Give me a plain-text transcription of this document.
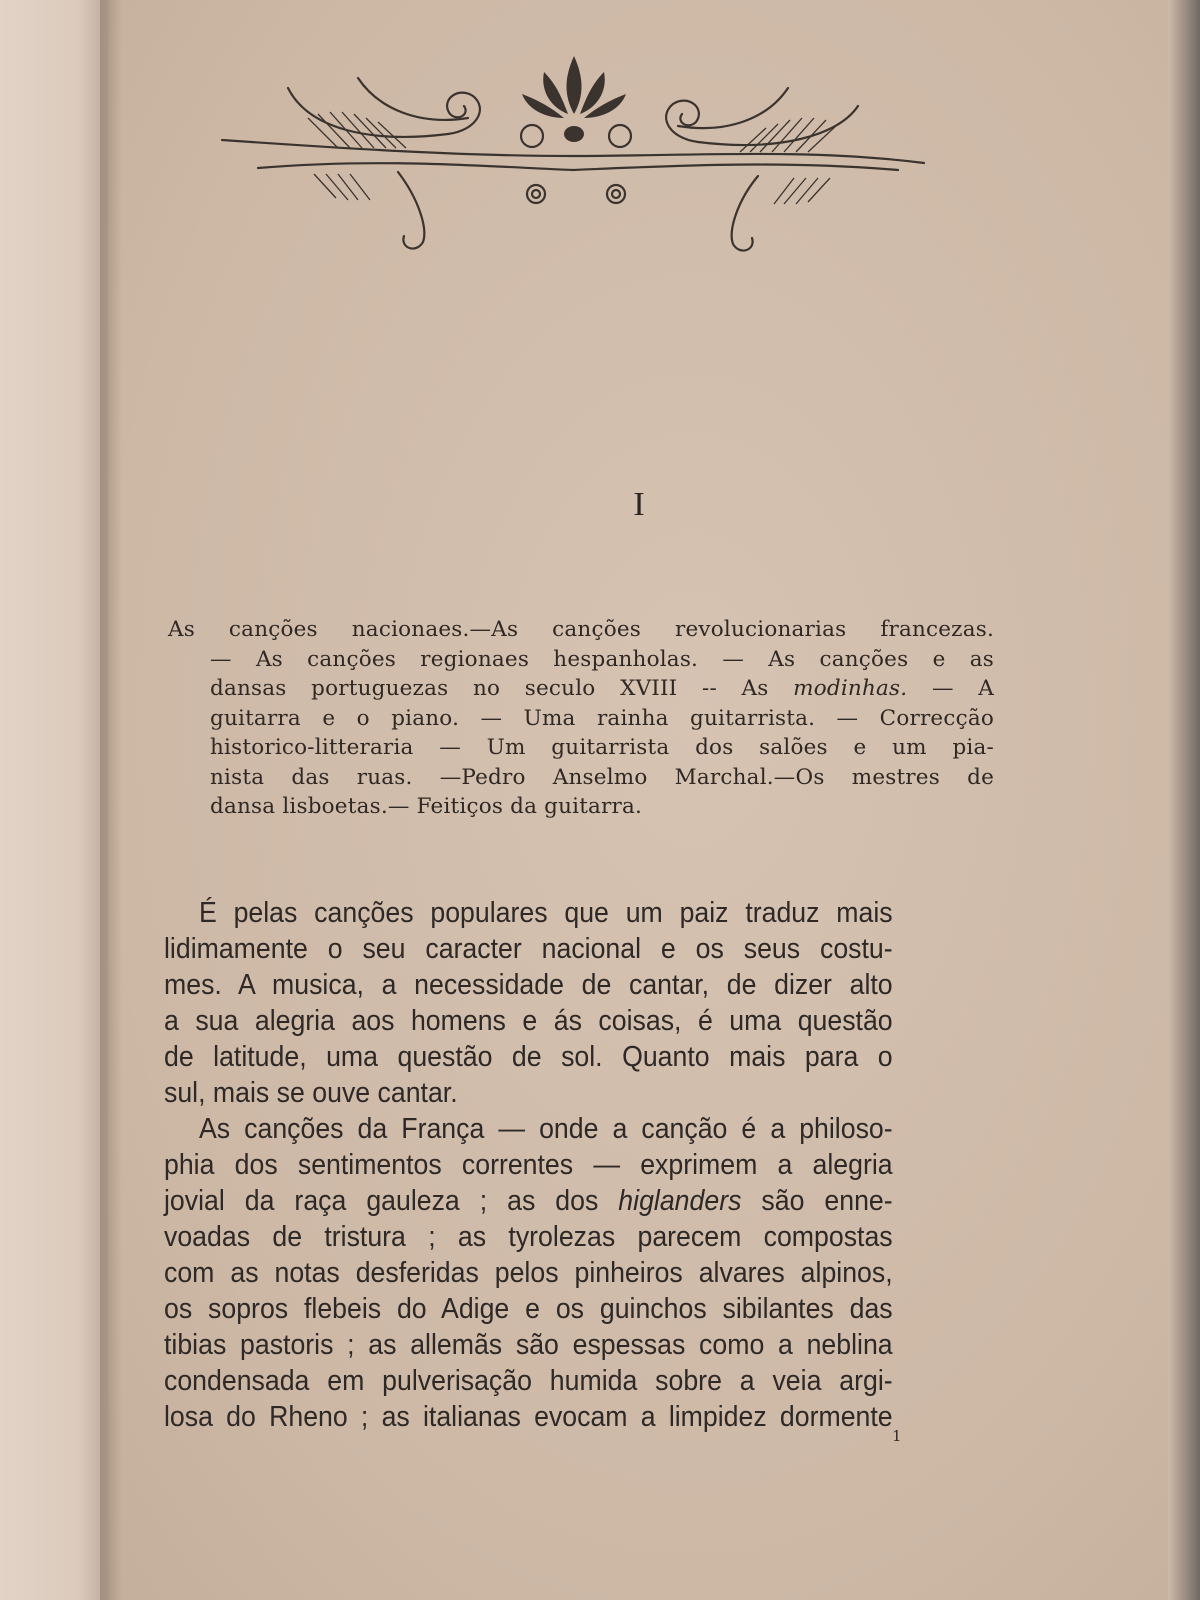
I
As canções nacionaes.—As canções revolucionarias francezas.
— As canções regionaes hespanholas. — As canções e as
dansas portuguezas no seculo XVIII -- As modinhas. — A
guitarra e o piano. — Uma rainha guitarrista. — Correcção
historico-litteraria — Um guitarrista dos salões e um pia-
nista das ruas. —Pedro Anselmo Marchal.—Os mestres de
dansa lisboetas.— Feitiços da guitarra.
É pelas canções populares que um paiz traduz mais
lidimamente o seu caracter nacional e os seus costu-
mes. A musica, a necessidade de cantar, de dizer alto
a sua alegria aos homens e ás coisas, é uma questão
de latitude, uma questão de sol. Quanto mais para o
sul, mais se ouve cantar.
As canções da França — onde a canção é a philoso-
phia dos sentimentos correntes — exprimem a alegria
jovial da raça gauleza ; as dos higlanders são enne-
voadas de tristura ; as tyrolezas parecem compostas
com as notas desferidas pelos pinheiros alvares alpinos,
os sopros flebeis do Adige e os guinchos sibilantes das
tibias pastoris ; as allemãs são espessas como a neblina
condensada em pulverisação humida sobre a veia argi-
losa do Rheno ; as italianas evocam a limpidez dormente
1
